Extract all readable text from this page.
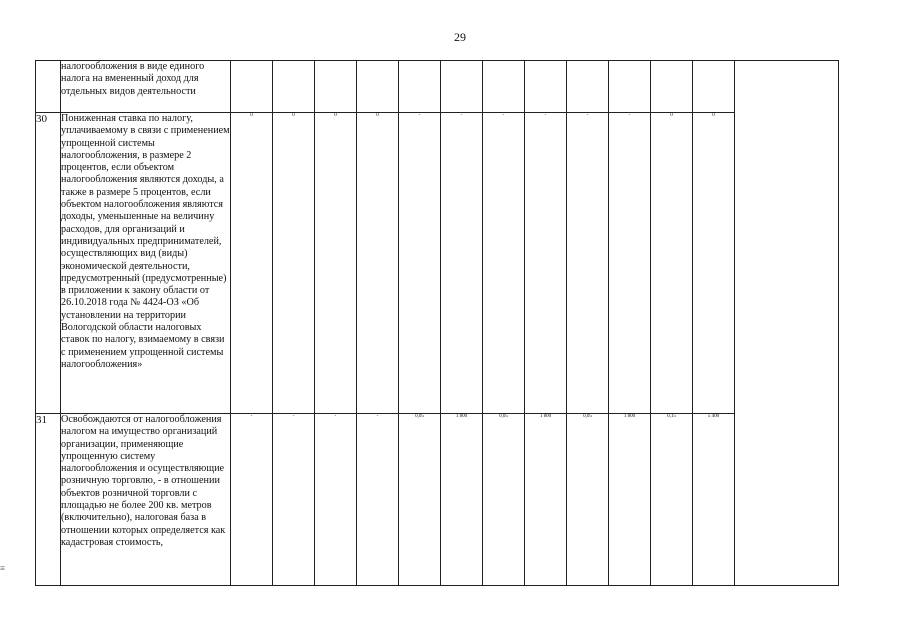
29
	налогообложения в виде единого налога на вмененный доход для отдельных видов деятельности													
30	Пониженная ставка по налогу, уплачиваемому в связи с применением упрощенной системы налогообложения, в размере 2 процентов, если объектом налогообложения являются доходы, а также в размере 5 процентов, если объектом налогообложения являются доходы, уменьшенные на величину расходов, для организаций и индивидуальных предпринимателей, осуществляющих вид (виды) экономической деятельности, предусмотренный (предусмотренные) в приложении к закону области от 26.10.2018 года № 4424-ОЗ «Об установлении на территории Вологодской области налоговых ставок по налогу, взимаемому в связи с применением упрощенной системы налогообложения»	0	0	0	0	-	-	-	-	-	-	0	0	
31	Освобождаются от налогообложения налогом на имущество организаций организации, применяющие упрощенную систему налогообложения и осуществляющие розничную торговлю, - в отношении объектов розничной торговли с площадью не более 200 кв. метров (включительно), налоговая база в отношении которых определяется как кадастровая стоимость,	-	-	-	-	0,05	1 800	0,05	1 800	0,05	1 800	0,15	5 400	
≡
